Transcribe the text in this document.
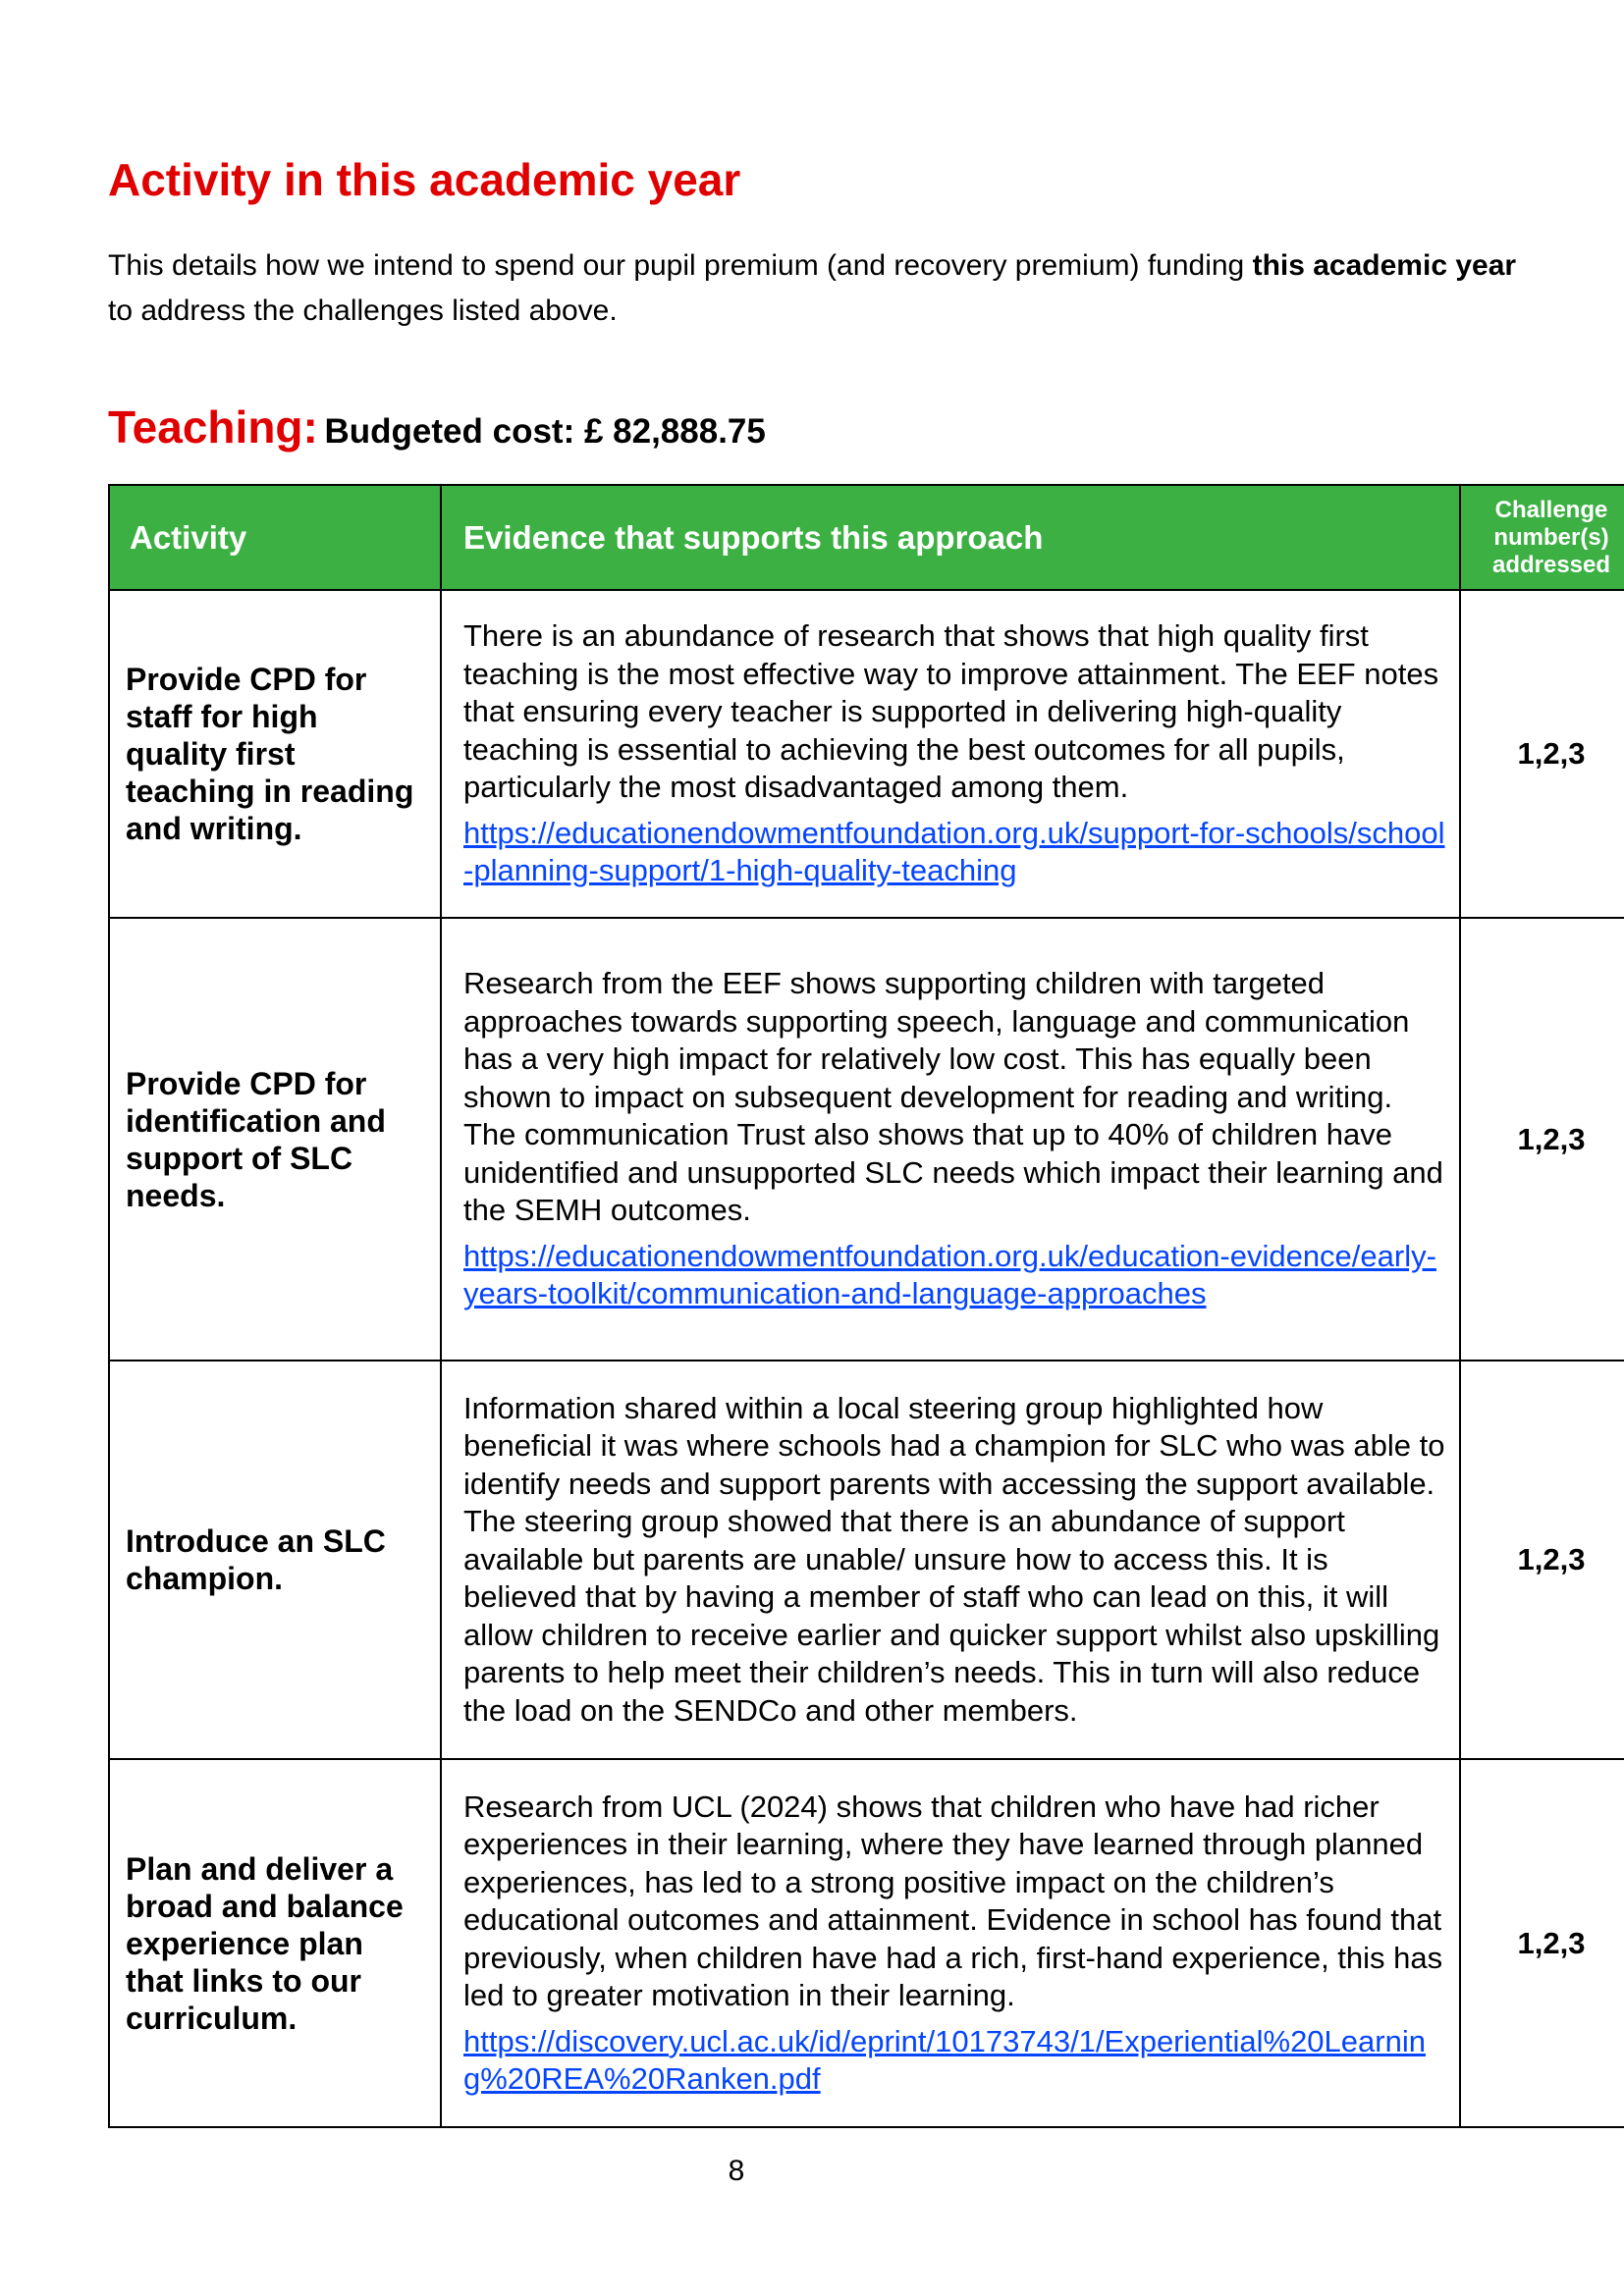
Activity in this academic year

This details how we intend to spend our pupil premium (and recovery premium) funding this academic year to address the challenges listed above.

Teaching: Budgeted cost: £ 82,888.75
Activity	Evidence that supports this approach	Challenge number(s) addressed
Provide CPD for staff for high quality first teaching in reading and writing.	There is an abundance of research that shows that high quality first teaching is the most effective way to improve attainment. The EEF notes that ensuring every teacher is supported in delivering high-quality teaching is essential to achieving the best outcomes for all pupils, particularly the most disadvantaged among them.

https://educationendowmentfoundation.org.uk/support-for-schools/school-planning-support/1-high-quality-teaching	1,2,3
Provide CPD for identification and support of SLC needs.	Research from the EEF shows supporting children with targeted approaches towards supporting speech, language and communication has a very high impact for relatively low cost. This has equally been shown to impact on subsequent development for reading and writing. The communication Trust also shows that up to 40% of children have unidentified and unsupported SLC needs which impact their learning and the SEMH outcomes.

https://educationendowmentfoundation.org.uk/education-evidence/early-years-toolkit/communication-and-language-approaches	1,2,3
Introduce an SLC champion.	Information shared within a local steering group highlighted how beneficial it was where schools had a champion for SLC who was able to identify needs and support parents with accessing the support available. The steering group showed that there is an abundance of support available but parents are unable/ unsure how to access this. It is believed that by having a member of staff who can lead on this, it will allow children to receive earlier and quicker support whilst also upskilling parents to help meet their children’s needs. This in turn will also reduce the load on the SENDCo and other members.	1,2,3
Plan and deliver a broad and balance experience plan that links to our curriculum.	Research from UCL (2024) shows that children who have had richer experiences in their learning, where they have learned through planned experiences, has led to a strong positive impact on the children’s educational outcomes and attainment. Evidence in school has found that previously, when children have had a rich, first-hand experience, this has led to greater motivation in their learning.

https://discovery.ucl.ac.uk/id/eprint/10173743/1/Experiential%20Learning%20REA%20Ranken.pdf	1,2,3

8
